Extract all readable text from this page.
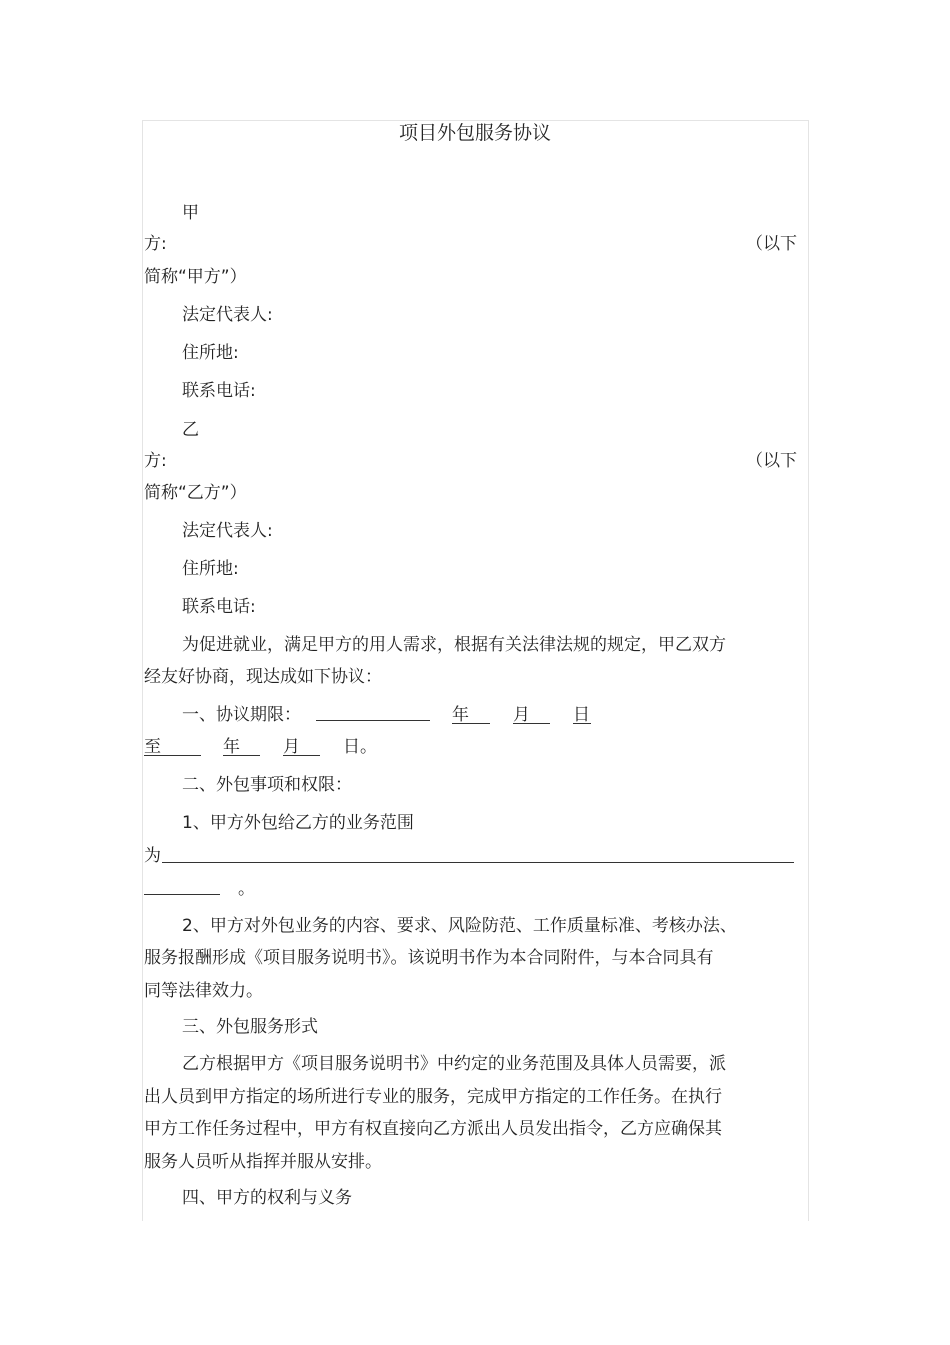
项目外包服务协议
甲
方:	（以下
简称“甲方”）
法定代表人:
住所地:
联系电话:
乙
方:	（以下
简称“乙方”）
法定代表人:
住所地:
联系电话:
为促进就业，满足甲方的用人需求，根据有关法律法规的规定，甲乙双方
经友好协商，现达成如下协议：
一、协议期限：	年	月	日
至	年	月	日。
二、外包事项和权限：
1、甲方外包给乙方的业务范围
为
。
2、甲方对外包业务的内容、要求、风险防范、工作质量标准、考核办法、
服务报酬形成《项目服务说明书》。该说明书作为本合同附件，与本合同具有
同等法律效力。
三、外包服务形式
乙方根据甲方《项目服务说明书》中约定的业务范围及具体人员需要，派
出人员到甲方指定的场所进行专业的服务，完成甲方指定的工作任务。在执行
甲方工作任务过程中，甲方有权直接向乙方派出人员发出指令，乙方应确保其
服务人员听从指挥并服从安排。
四、甲方的权利与义务
